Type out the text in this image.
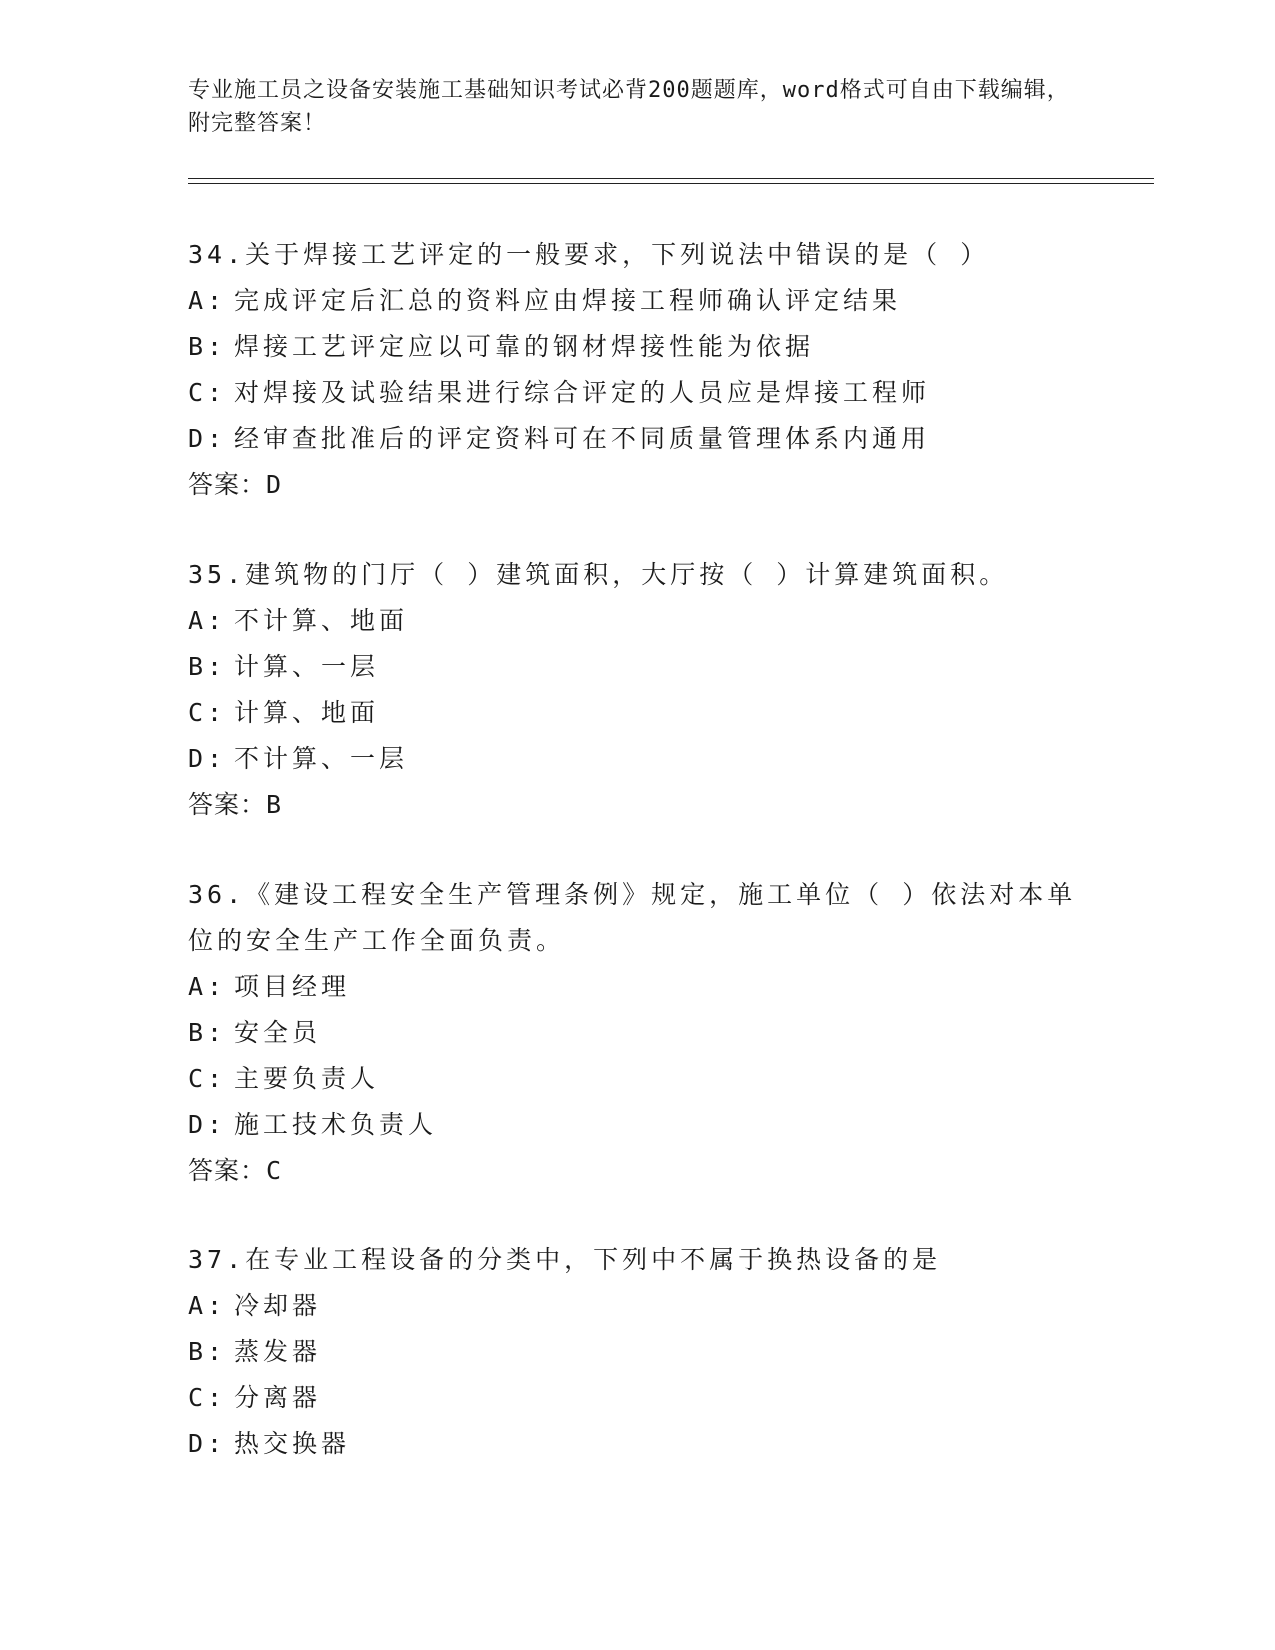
专业施工员之设备安装施工基础知识考试必背200题题库，word格式可自由下载编辑，附完整答案！
34.关于焊接工艺评定的一般要求，下列说法中错误的是（ ）
A: 完成评定后汇总的资料应由焊接工程师确认评定结果
B: 焊接工艺评定应以可靠的钢材焊接性能为依据
C: 对焊接及试验结果进行综合评定的人员应是焊接工程师
D: 经审查批准后的评定资料可在不同质量管理体系内通用
答案：D
35.建筑物的门厅（ ）建筑面积，大厅按（ ）计算建筑面积。
A: 不计算、地面
B: 计算、一层
C: 计算、地面
D: 不计算、一层
答案：B
36.《建设工程安全生产管理条例》规定，施工单位（ ）依法对本单位的安全生产工作全面负责。
A: 项目经理
B: 安全员
C: 主要负责人
D: 施工技术负责人
答案：C
37.在专业工程设备的分类中，下列中不属于换热设备的是
A: 冷却器
B: 蒸发器
C: 分离器
D: 热交换器
